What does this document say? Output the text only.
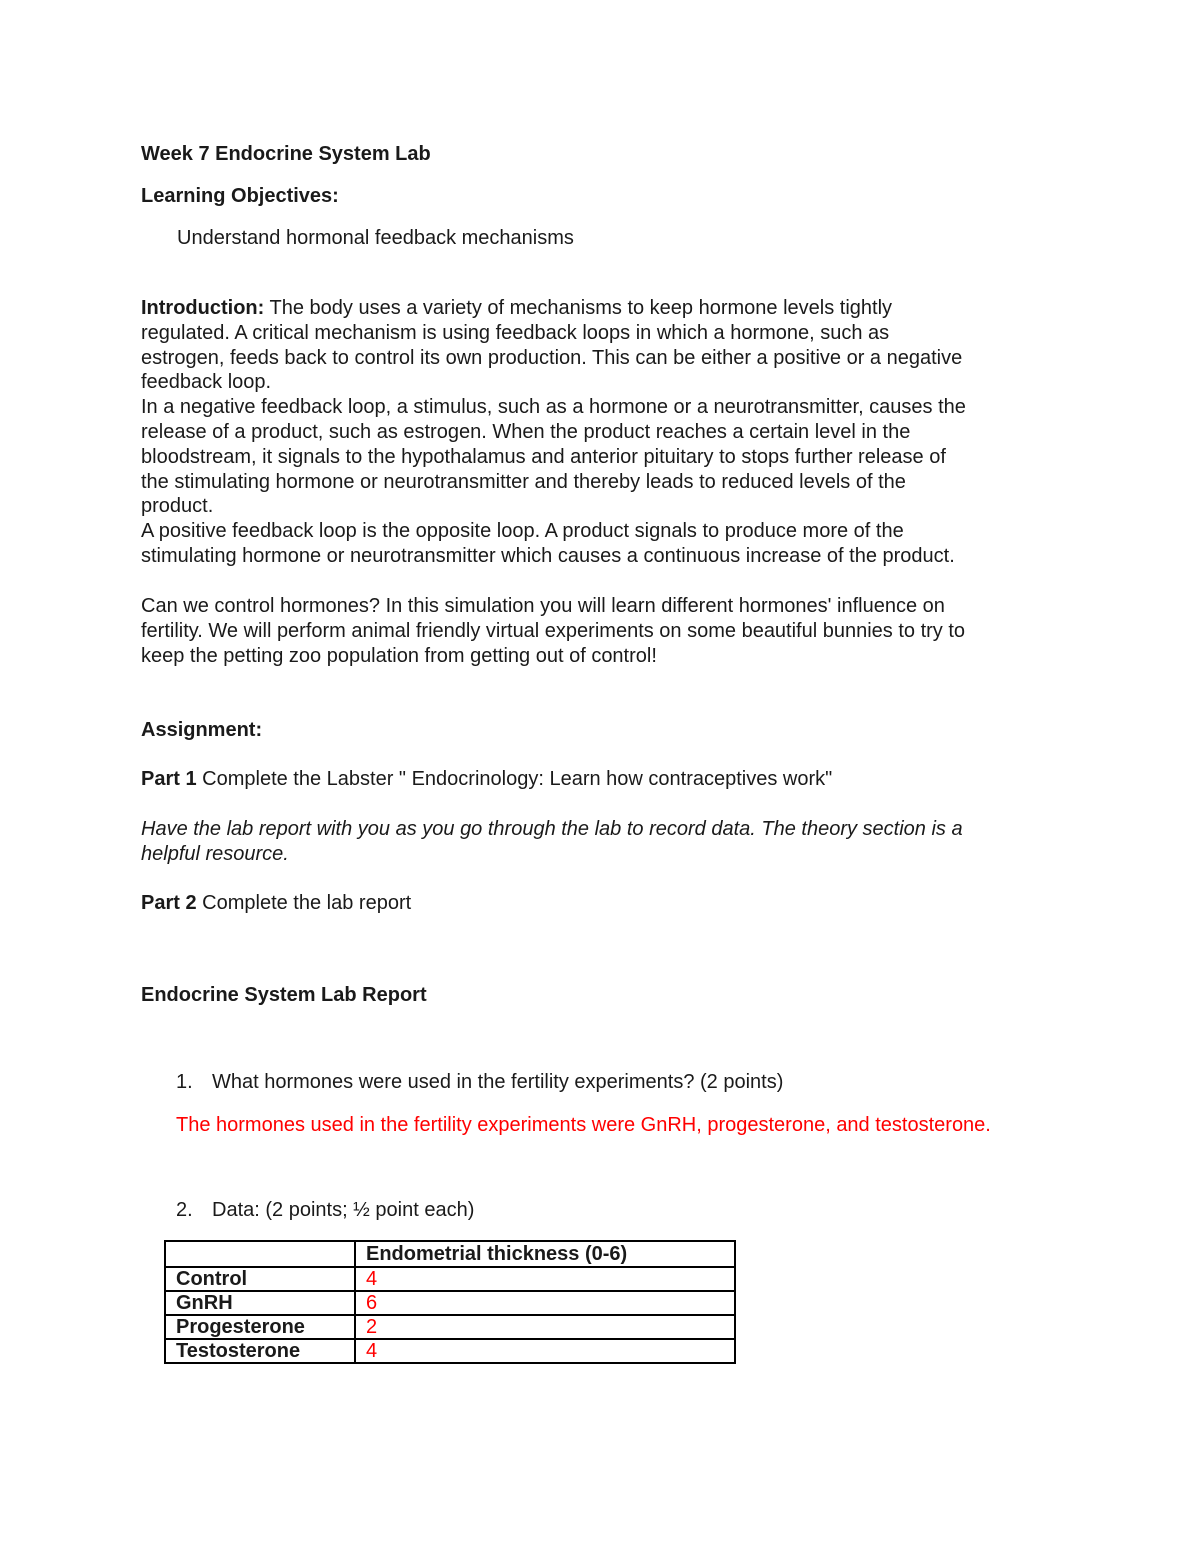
Week 7 Endocrine System Lab

Learning Objectives:

Understand hormonal feedback mechanisms

Introduction: The body uses a variety of mechanisms to keep hormone levels tightly
regulated. A critical mechanism is using feedback loops in which a hormone, such as
estrogen, feeds back to control its own production. This can be either a positive or a negative
feedback loop.
In a negative feedback loop, a stimulus, such as a hormone or a neurotransmitter, causes the
release of a product, such as estrogen. When the product reaches a certain level in the
bloodstream, it signals to the hypothalamus and anterior pituitary to stops further release of
the stimulating hormone or neurotransmitter and thereby leads to reduced levels of the
product.
A positive feedback loop is the opposite loop. A product signals to produce more of the
stimulating hormone or neurotransmitter which causes a continuous increase of the product.
Can we control hormones? In this simulation you will learn different hormones' influence on
fertility. We will perform animal friendly virtual experiments on some beautiful bunnies to try to
keep the petting zoo population from getting out of control!

Assignment:

Part 1 Complete the Labster " Endocrinology: Learn how contraceptives work"

Have the lab report with you as you go through the lab to record data. The theory section is a
helpful resource.

Part 2 Complete the lab report

Endocrine System Lab Report

1. What hormones were used in the fertility experiments? (2 points)

The hormones used in the fertility experiments were GnRH, progesterone, and testosterone.

2. Data: (2 points; ½ point each)

	Endometrial thickness (0-6)
Control	4
GnRH	6
Progesterone	2
Testosterone	4
